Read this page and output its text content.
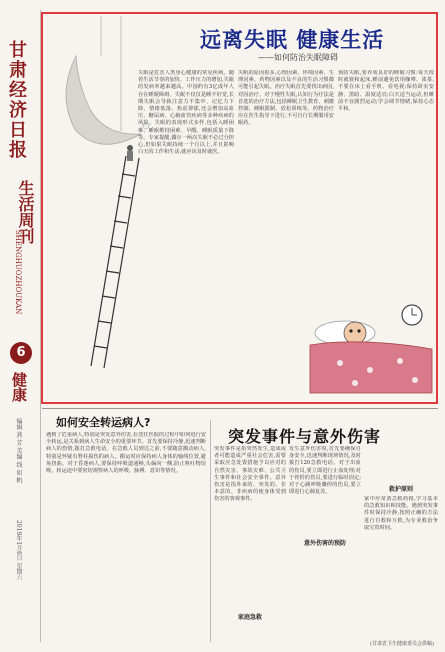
甘肃经济日报
生活周刊
SHENGHUOZHOUKAN
6
健康
编辑 燕 芳 美编 线 如 帆
2019年1月6日 星期六
远离失眠 健康生活
——如何防治失眠障碍
失眠是危害人类身心健康的常见疾病。随着生活节奏的加快、工作压力的增加,失眠的发病率越来越高。中国约有3亿成年人存在睡眠障碍。失眠不仅仅是睡不好觉,长期失眠会导致注意力不集中、记忆力下降、情绪低落、焦虑抑郁,还会增加高血压、糖尿病、心脑血管疾病等多种疾病的风险。失眠的表现形式多样,包括入睡困难、睡眠维持困难、早醒、睡眠质量下降等。专家提醒,偶尔一两次失眠不必过分担心,但如果失眠持续一个月以上,并且影响白天的工作和生活,就应该及时就医。
失眠的原因很多,心理因素、环境因素、生理因素、药物因素以及不良的生活习惯都可能引起失眠。治疗失眠首先要找出病因,对因治疗。对于慢性失眠,认知行为疗法是首选的治疗方法,包括睡眠卫生教育、刺激控制、睡眠限制、放松训练等。药物治疗应在医生指导下进行,不可自行长期服用安眠药。
预防失眠,要养成良好的睡眠习惯:每天按时就寝和起床,睡前避免饮用咖啡、浓茶,不要在床上看手机、看电视;保持卧室安静、黑暗、温度适宜;白天适当运动,但睡前不宜剧烈运动;学会调节情绪,保持心态平和。
如何安全转运病人?
遇到了危重病人,特别是突发意外伤害,在送往医院的过程中如何进行安全转运,是关系到病人生命安全的重要环节。首先要保持冷静,迅速判断病人的伤情,拨打急救电话。在急救人员到达之前,不要随意搬动病人,特别是怀疑有脊柱损伤的病人。搬运时应保持病人身体的轴线位置,避免扭曲。对于昏迷病人,要保持呼吸道通畅,头偏向一侧,防止呕吐物误吸。转运途中要密切观察病人的呼吸、脉搏、意识等情况。
突发事件与意外伤害
突发事件是指突然发生,造成或者可能造成严重社会危害,需要采取应急处置措施予以应对的自然灾害、事故灾难、公共卫生事件和社会安全事件。意外伤害是指外来的、突发的、非本意的、非疾病的使身体受到伤害的客观事件。
意外伤害的预防
发生意外伤害时,首先要确保自身安全,迅速判断现场情况,及时拨打120急救电话。对于出血的伤员,要立即进行止血处理;对于骨折的伤员,要进行临时固定;对于心跳呼吸骤停的伤员,要立即进行心肺复苏。	救护原则
家中应常备急救药箱,学习基本的急救知识和技能。遇到突发事件时保持冷静,按照正确的方法进行自救和互救,为专业救治争取宝贵时间。
家庭急救
(甘肃省卫生健康委员会供稿)
